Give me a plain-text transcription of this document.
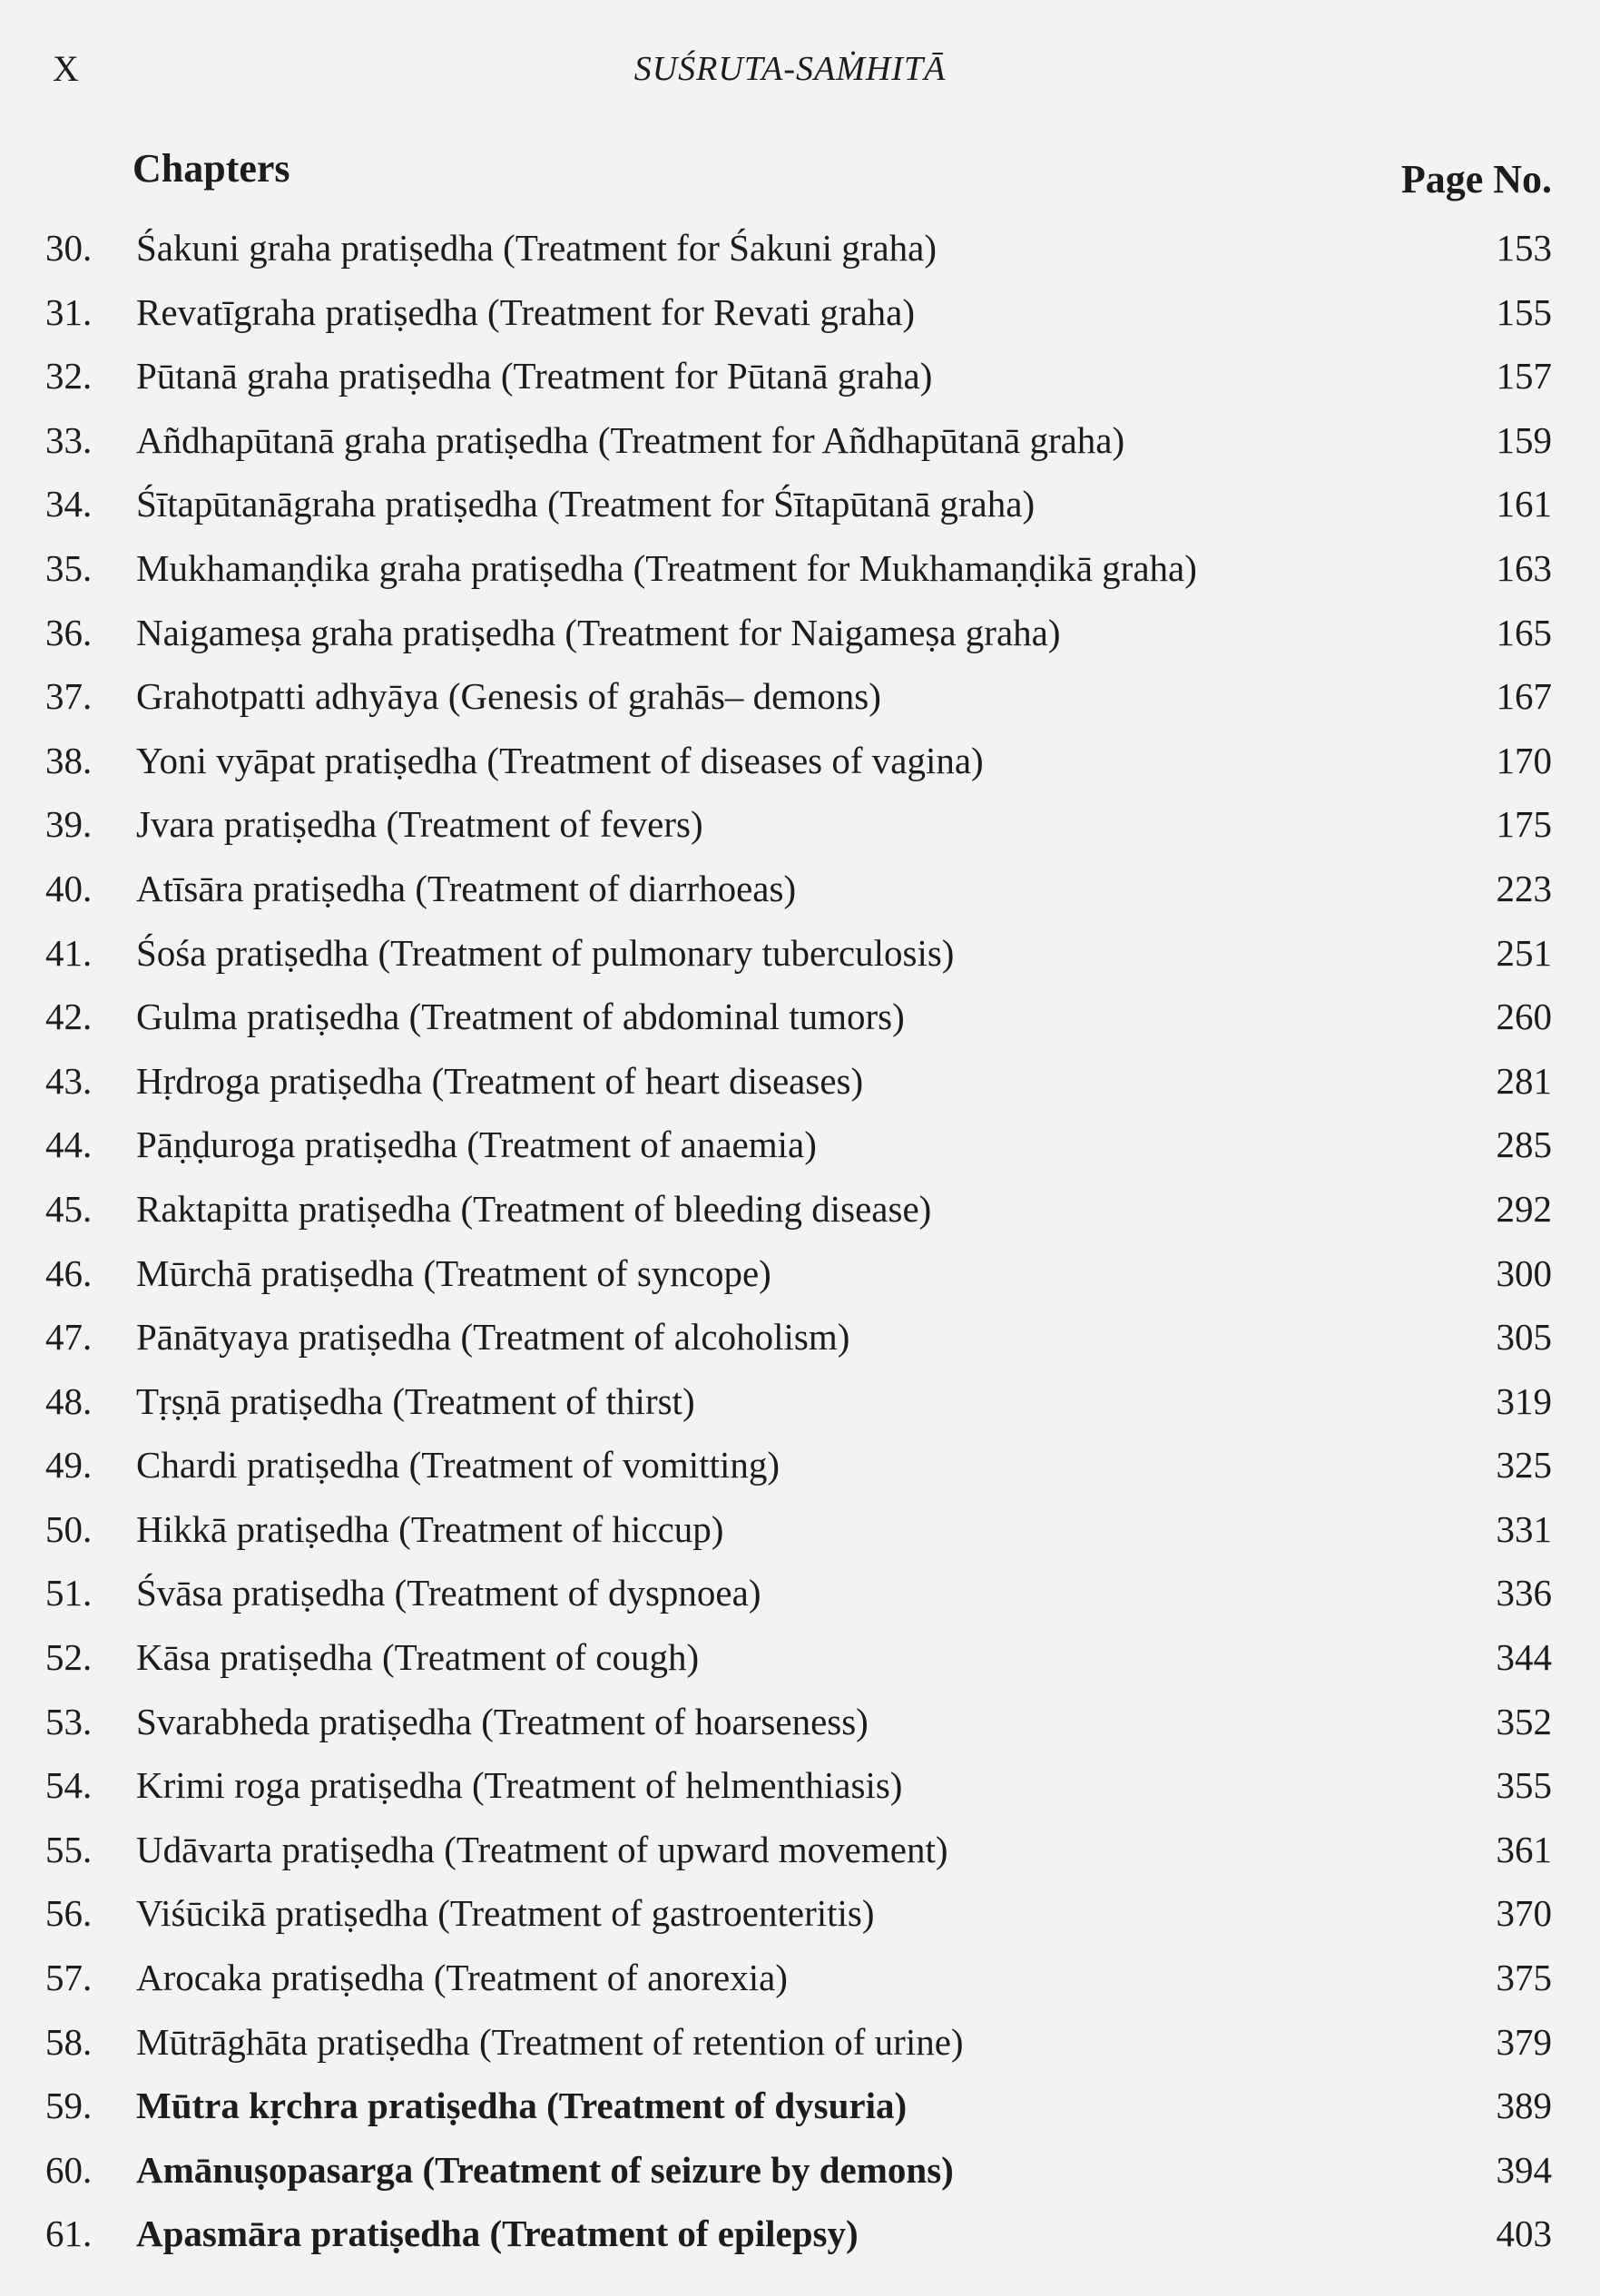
X	SUŚRUTA-SAṀHITĀ
Chapters	Page No.
30.	Śakuni graha pratiṣedha (Treatment for Śakuni graha)	153
31.	Revatīgraha pratiṣedha (Treatment for Revati graha)	155
32.	Pūtanā graha pratiṣedha (Treatment for Pūtanā graha)	157
33.	Añdhapūtanā graha pratiṣedha (Treatment for Añdhapūtanā graha)	159
34.	Śītapūtanāgraha pratiṣedha (Treatment for Śītapūtanā graha)	161
35.	Mukhamaṇḍika graha pratiṣedha (Treatment for Mukhamaṇḍikā graha)	163
36.	Naigameṣa graha pratiṣedha (Treatment for Naigameṣa graha)	165
37.	Grahotpatti adhyāya (Genesis of grahās– demons)	167
38.	Yoni vyāpat pratiṣedha (Treatment of diseases of vagina)	170
39.	Jvara pratiṣedha (Treatment of fevers)	175
40.	Atīsāra pratiṣedha (Treatment of diarrhoeas)	223
41.	Śośa pratiṣedha (Treatment of pulmonary tuberculosis)	251
42.	Gulma pratiṣedha (Treatment of abdominal tumors)	260
43.	Hṛdroga pratiṣedha (Treatment of heart diseases)	281
44.	Pāṇḍuroga pratiṣedha (Treatment of anaemia)	285
45.	Raktapitta pratiṣedha (Treatment of bleeding disease)	292
46.	Mūrchā pratiṣedha (Treatment of syncope)	300
47.	Pānātyaya pratiṣedha (Treatment of alcoholism)	305
48.	Tṛṣṇā pratiṣedha (Treatment of thirst)	319
49.	Chardi pratiṣedha (Treatment of vomitting)	325
50.	Hikkā pratiṣedha (Treatment of hiccup)	331
51.	Śvāsa pratiṣedha (Treatment of dyspnoea)	336
52.	Kāsa pratiṣedha (Treatment of cough)	344
53.	Svarabheda pratiṣedha (Treatment of hoarseness)	352
54.	Krimi roga pratiṣedha (Treatment of helmenthiasis)	355
55.	Udāvarta pratiṣedha (Treatment of upward movement)	361
56.	Viśūcikā pratiṣedha (Treatment of gastroenteritis)	370
57.	Arocaka pratiṣedha (Treatment of anorexia)	375
58.	Mūtrāghāta pratiṣedha (Treatment of retention of urine)	379
59.	Mūtra kṛchra pratiṣedha (Treatment of dysuria)	389
60.	Amānuṣopasarga (Treatment of seizure by demons)	394
61.	Apasmāra pratiṣedha (Treatment of epilepsy)	403
